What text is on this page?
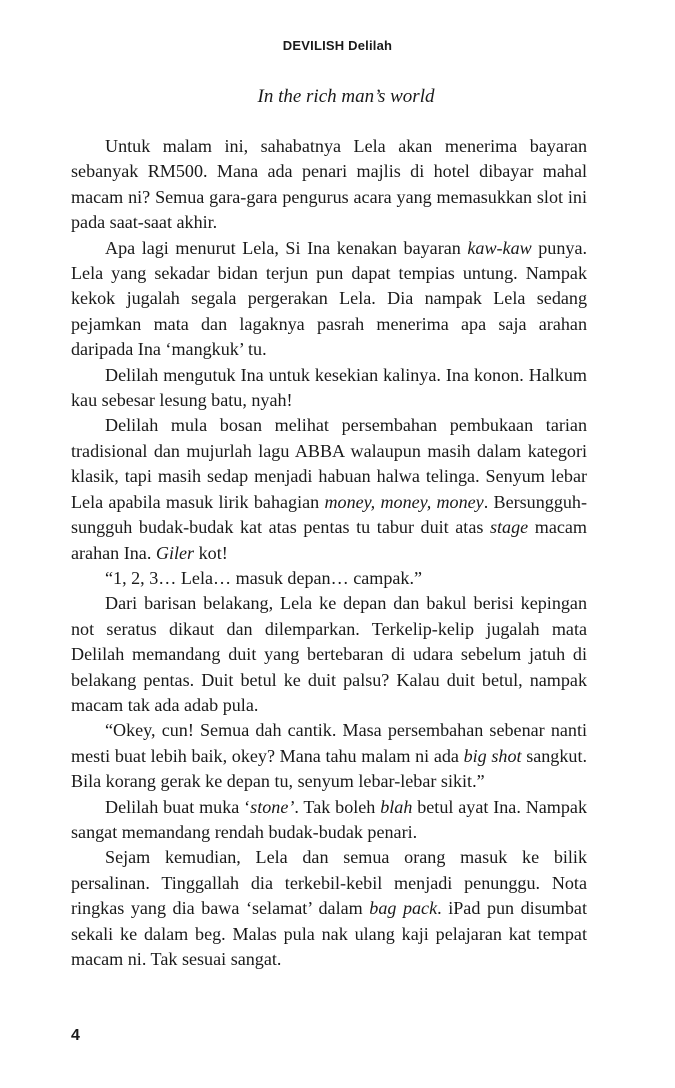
DEVILISH Delilah
In the rich man’s world

Untuk malam ini, sahabatnya Lela akan menerima bayaran sebanyak RM500. Mana ada penari majlis di hotel dibayar mahal macam ni? Semua gara-gara pengurus acara yang memasukkan slot ini pada saat-saat akhir.

Apa lagi menurut Lela, Si Ina kenakan bayaran kaw-kaw punya. Lela yang sekadar bidan terjun pun dapat tempias untung. Nampak kekok jugalah segala pergerakan Lela. Dia nampak Lela sedang pejamkan mata dan lagaknya pasrah menerima apa saja arahan daripada Ina ‘mangkuk’ tu.

Delilah mengutuk Ina untuk kesekian kalinya. Ina konon. Halkum kau sebesar lesung batu, nyah!

Delilah mula bosan melihat persembahan pembukaan tarian tradisional dan mujurlah lagu ABBA walaupun masih dalam kategori klasik, tapi masih sedap menjadi habuan halwa telinga. Senyum lebar Lela apabila masuk lirik bahagian money, money, money. Bersungguh-sungguh budak-budak kat atas pentas tu tabur duit atas stage macam arahan Ina. Giler kot!

“1, 2, 3… Lela… masuk depan… campak.”

Dari barisan belakang, Lela ke depan dan bakul berisi kepingan not seratus dikaut dan dilemparkan. Terkelip-kelip jugalah mata Delilah memandang duit yang bertebaran di udara sebelum jatuh di belakang pentas. Duit betul ke duit palsu? Kalau duit betul, nampak macam tak ada adab pula.

“Okey, cun! Semua dah cantik. Masa persembahan sebenar nanti mesti buat lebih baik, okey? Mana tahu malam ni ada big shot sangkut. Bila korang gerak ke depan tu, senyum lebar-lebar sikit.”

Delilah buat muka ‘stone’. Tak boleh blah betul ayat Ina. Nampak sangat memandang rendah budak-budak penari.

Sejam kemudian, Lela dan semua orang masuk ke bilik persalinan. Tinggallah dia terkebil-kebil menjadi penunggu. Nota ringkas yang dia bawa ‘selamat’ dalam bag pack. iPad pun disumbat sekali ke dalam beg. Malas pula nak ulang kaji pelajaran kat tempat macam ni. Tak sesuai sangat.

4
